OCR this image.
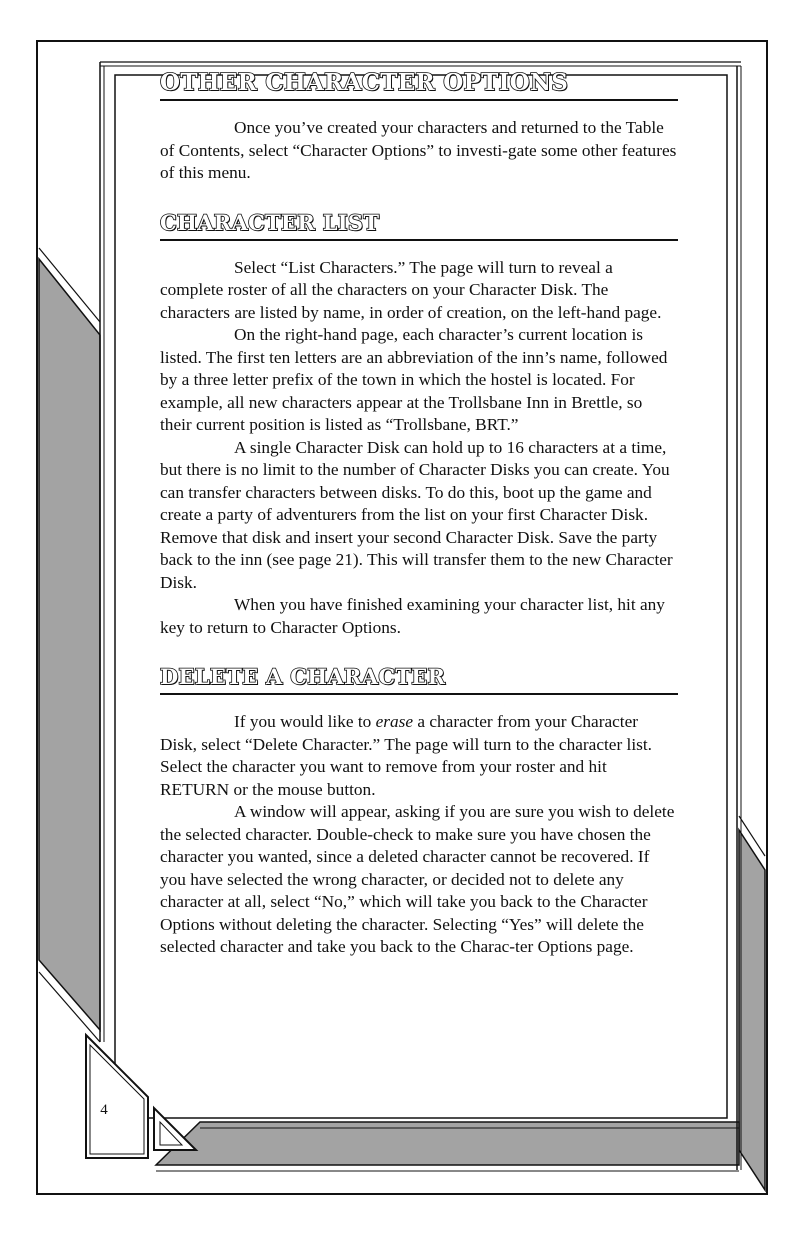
OTHER CHARACTER OPTIONS

Once you’ve created your characters and returned to the Table of Contents, select “Character Options” to investi-gate some other features of this menu.

CHARACTER LIST

Select “List Characters.” The page will turn to reveal a complete roster of all the characters on your Character Disk. The characters are listed by name, in order of creation, on the left-hand page.

On the right-hand page, each character’s current location is listed. The first ten letters are an abbreviation of the inn’s name, followed by a three letter prefix of the town in which the hostel is located. For example, all new characters appear at the Trollsbane Inn in Brettle, so their current position is listed as “Trollsbane, BRT.”

A single Character Disk can hold up to 16 characters at a time, but there is no limit to the number of Character Disks you can create. You can transfer characters between disks. To do this, boot up the game and create a party of adventurers from the list on your first Character Disk. Remove that disk and insert your second Character Disk. Save the party back to the inn (see page 21). This will transfer them to the new Character Disk.

When you have finished examining your character list, hit any key to return to Character Options.

DELETE A CHARACTER

If you would like to erase a character from your Character Disk, select “Delete Character.” The page will turn to the character list. Select the character you want to remove from your roster and hit RETURN or the mouse button.

A window will appear, asking if you are sure you wish to delete the selected character. Double-check to make sure you have chosen the character you wanted, since a deleted character cannot be recovered. If you have selected the wrong character, or decided not to delete any character at all, select “No,” which will take you back to the Character Options without deleting the character. Selecting “Yes” will delete the selected character and take you back to the Charac-ter Options page.

4
